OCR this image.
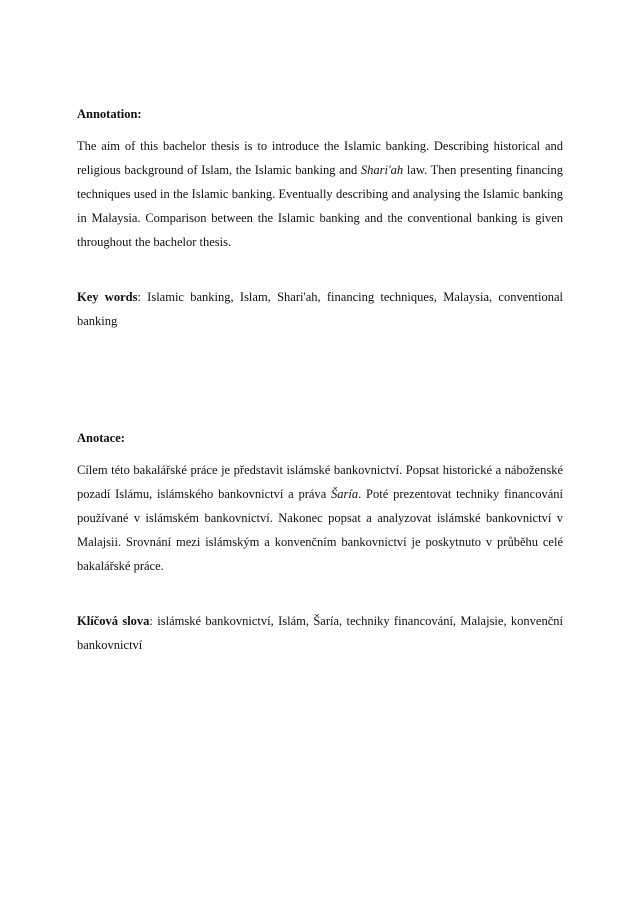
Annotation:

The aim of this bachelor thesis is to introduce the Islamic banking. Describing historical and religious background of Islam, the Islamic banking and Shari'ah law. Then presenting financing techniques used in the Islamic banking. Eventually describing and analysing the Islamic banking in Malaysia. Comparison between the Islamic banking and the conventional banking is given throughout the bachelor thesis.

Key words: Islamic banking, Islam, Shari'ah, financing techniques, Malaysia, conventional banking

Anotace:

Cílem této bakalářské práce je představit islámské bankovnictví. Popsat historické a náboženské pozadí Islámu, islámského bankovnictví a práva Šaría. Poté prezentovat techniky financování používané v islámském bankovnictví. Nakonec popsat a analyzovat islámské bankovnictví v Malajsii. Srovnání mezi islámským a konvenčním bankovnictví je poskytnuto v průběhu celé bakalářské práce.

Klíčová slova: islámské bankovnictví, Islám, Šaría, techniky financování, Malajsie, konvenční bankovnictví
